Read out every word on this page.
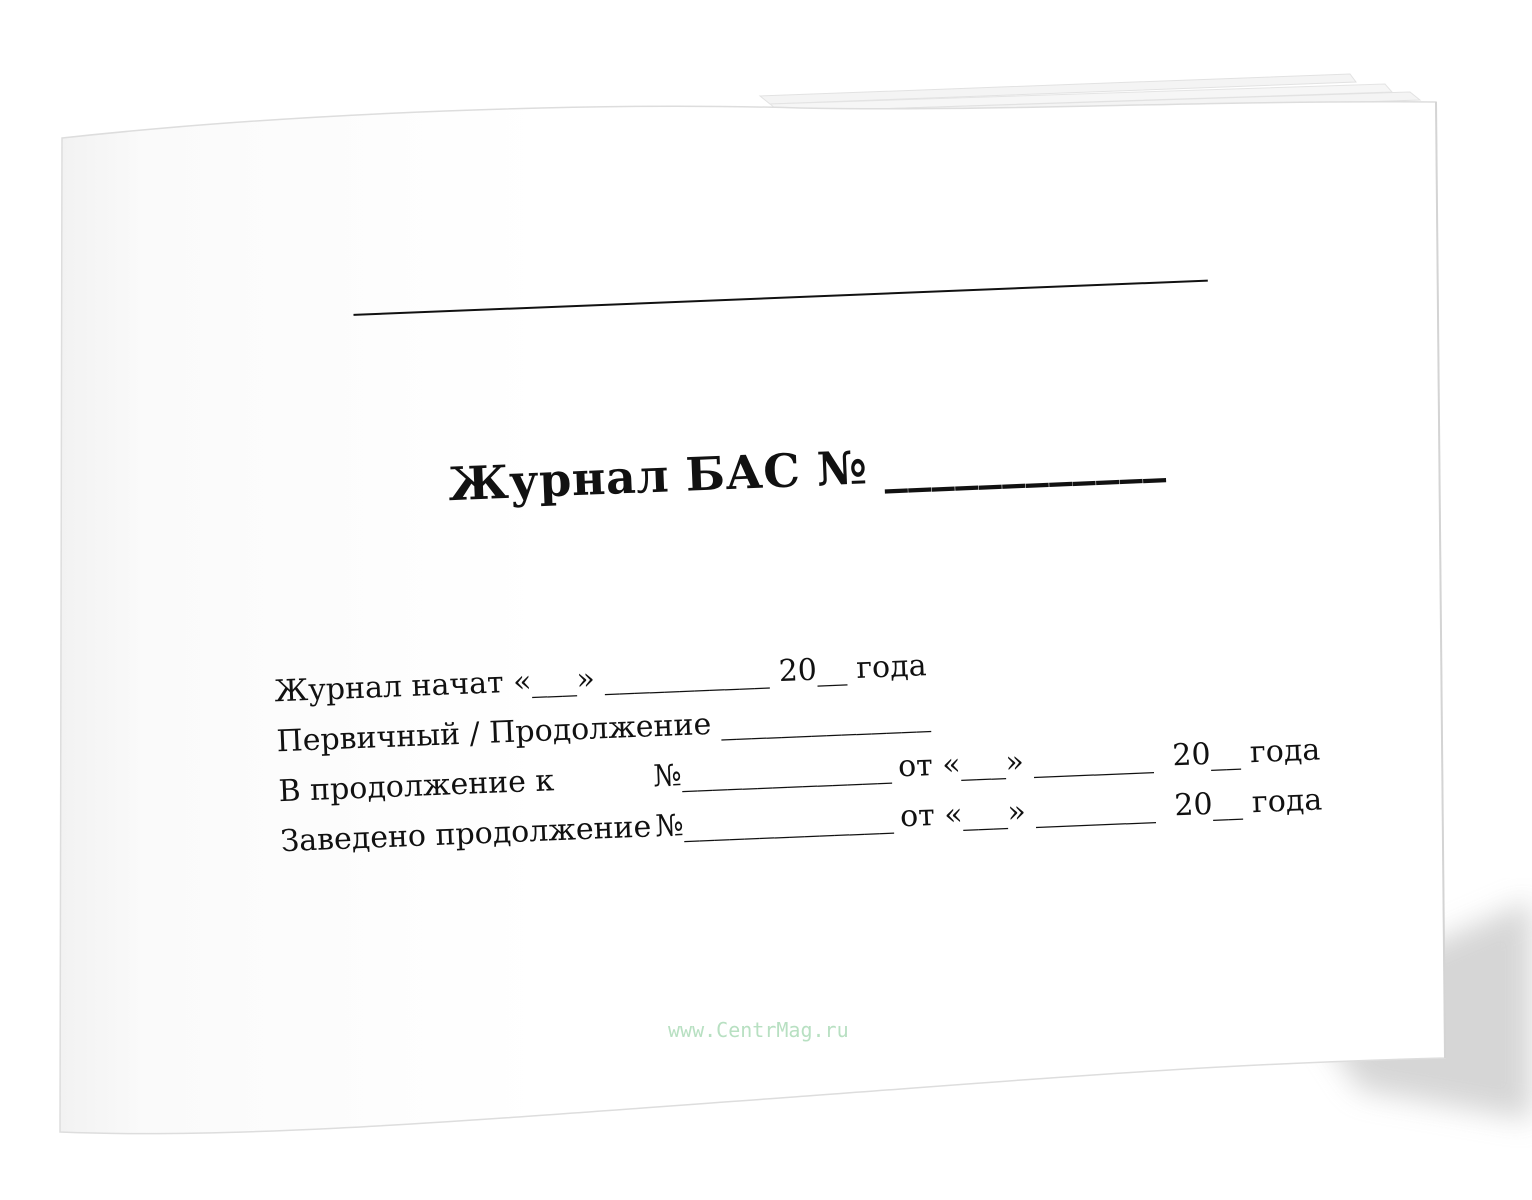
Журнал БАС № ____________
Журнал начат «___» ___________ 20__ года
Первичный / Продолжение ______________
В продолжение к	№______________ от «___» ________  20__ года
Заведено продолжение №______________ от «___» ________  20__ года
www.CentrMag.ru
